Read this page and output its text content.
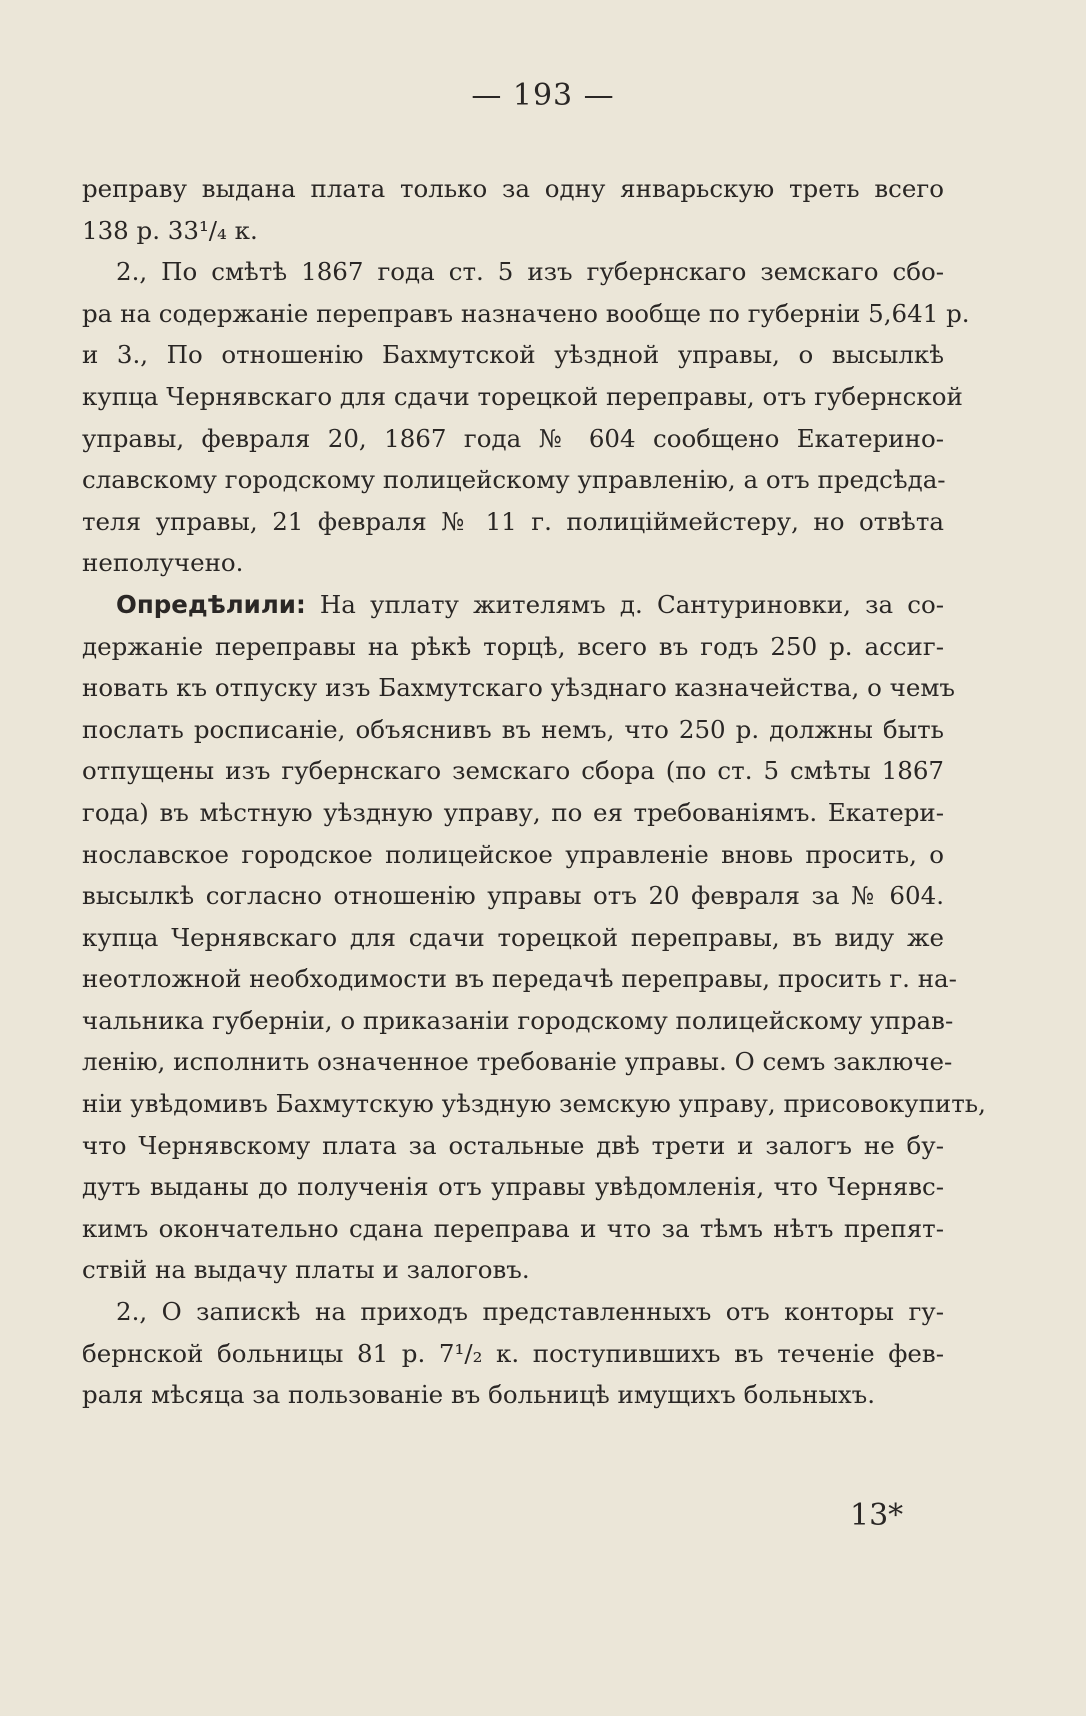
— 193 —
реправу выдана плата только за одну январьскую треть всего
138 р. 33¹/₄ к.
2., По смѣтѣ 1867 года ст. 5 изъ губернскаго земскаго сбо-
ра на содержаніе переправъ назначено вообще по губерніи 5,641 р.
и 3., По отношенію Бахмутской уѣздной управы, о высылкѣ
купца Чернявскаго для сдачи торецкой переправы, отъ губернской
управы, февраля 20, 1867 года № 604 сообщено Екатерино-
славскому городскому полицейскому управленію, а отъ предсѣда-
теля управы, 21 февраля № 11 г. полиціймейстеру, но отвѣта
неполучено.
Опредѣлили: На уплату жителямъ д. Сантуриновки, за со-
держаніе переправы на рѣкѣ торцѣ, всего въ годъ 250 р. ассиг-
новать къ отпуску изъ Бахмутскаго уѣзднаго казначейства, о чемъ
послать росписаніе, объяснивъ въ немъ, что 250 р. должны быть
отпущены изъ губернскаго земскаго сбора (по ст. 5 смѣты 1867
года) въ мѣстную уѣздную управу, по ея требованіямъ. Екатери-
нославское городское полицейское управленіе вновь просить, о
высылкѣ согласно отношенію управы отъ 20 февраля за № 604.
купца Чернявскаго для сдачи торецкой переправы, въ виду же
неотложной необходимости въ передачѣ переправы, просить г. на-
чальника губерніи, о приказаніи городскому полицейскому управ-
ленію, исполнить означенное требованіе управы. О семъ заключе-
ніи увѣдомивъ Бахмутскую уѣздную земскую управу, присовокупить,
что Чернявскому плата за остальные двѣ трети и залогъ не бу-
дутъ выданы до полученія отъ управы увѣдомленія, что Чернявс-
кимъ окончательно сдана переправа и что за тѣмъ нѣтъ препят-
ствій на выдачу платы и залоговъ.
2., О запискѣ на приходъ представленныхъ отъ конторы гу-
бернской больницы 81 р. 7¹/₂ к. поступившихъ въ теченіе фев-
раля мѣсяца за пользованіе въ больницѣ имущихъ больныхъ.
13*
